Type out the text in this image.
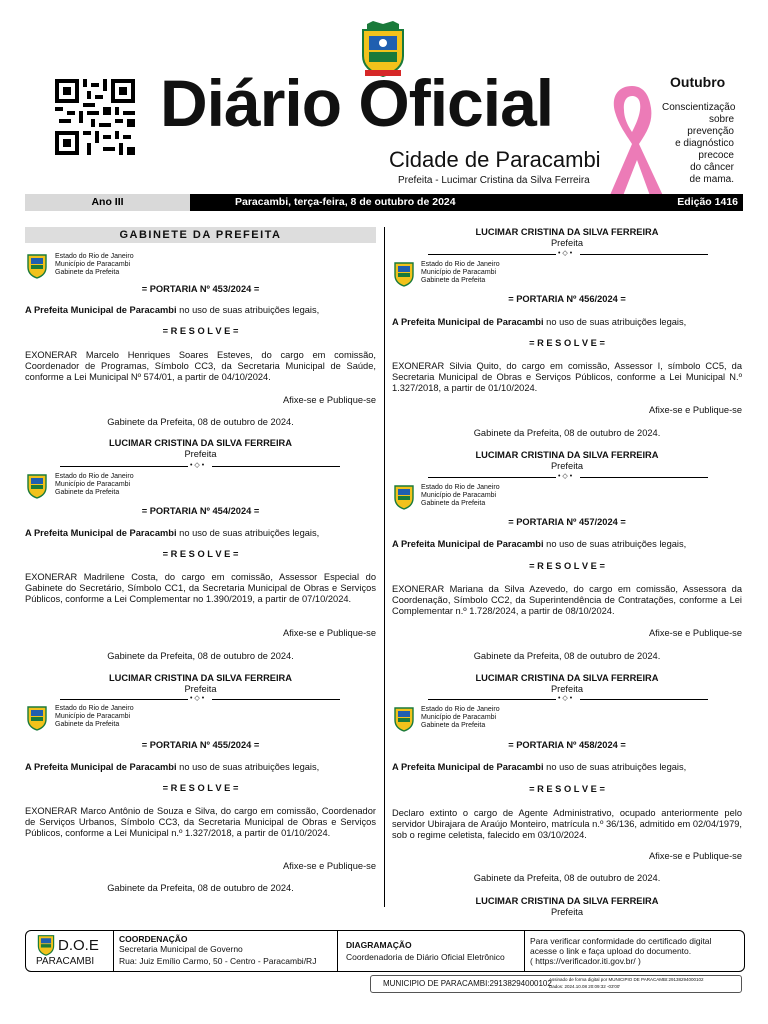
Diário Oficial
Cidade de Paracambi
Prefeita - Lucimar Cristina da Silva Ferreira
Outubro
Conscientização
sobre prevenção
e diagnóstico
precoce
do câncer
de mama.
Ano III	Paracambi, terça-feira, 8 de outubro de 2024	Edição 1416
GABINETE DA PREFEITA
Estado do Rio de Janeiro
Município de Paracambi
Gabinete da Prefeita
= PORTARIA Nº 453/2024 =
A Prefeita Municipal de Paracambi no uso de suas atribuições legais,
= R E S O L V E =
EXONERAR Marcelo Henriques Soares Esteves, do cargo em comissão, Coordenador de Programas, Símbolo CC3, da Secretaria Municipal de Saúde, conforme a Lei Municipal Nº 574/01, a partir de 04/10/2024.
Afixe-se e Publique-se
Gabinete da Prefeita, 08 de outubro de 2024.
LUCIMAR CRISTINA DA SILVA FERREIRA
Prefeita
• ◇ •
Estado do Rio de Janeiro
Município de Paracambi
Gabinete da Prefeita
= PORTARIA Nº 454/2024 =
A Prefeita Municipal de Paracambi no uso de suas atribuições legais,
= R E S O L V E =
EXONERAR Madrilene Costa, do cargo em comissão, Assessor Especial do Gabinete do Secretário, Símbolo CC1, da Secretaria Municipal de Obras e Serviços Públicos, conforme a Lei Complementar no 1.390/2019, a partir de 07/10/2024.
Afixe-se e Publique-se
Gabinete da Prefeita, 08 de outubro de 2024.
LUCIMAR CRISTINA DA SILVA FERREIRA
Prefeita
• ◇ •
Estado do Rio de Janeiro
Município de Paracambi
Gabinete da Prefeita
= PORTARIA Nº 455/2024 =
A Prefeita Municipal de Paracambi no uso de suas atribuições legais,
= R E S O L V E =
EXONERAR Marco Antônio de Souza e Silva, do cargo em comissão, Coordenador de Serviços Urbanos, Símbolo CC3, da Secretaria Municipal de Obras e Serviços Públicos, conforme a Lei Municipal n.º 1.327/2018, a partir de 01/10/2024.
Afixe-se e Publique-se
Gabinete da Prefeita, 08 de outubro de 2024.
LUCIMAR CRISTINA DA SILVA FERREIRA
Prefeita
• ◇ •
Estado do Rio de Janeiro
Município de Paracambi
Gabinete da Prefeita
= PORTARIA Nº 456/2024 =
A Prefeita Municipal de Paracambi no uso de suas atribuições legais,
= R E S O L V E =
EXONERAR Silvia Quito, do cargo em comissão, Assessor I, símbolo CC5, da Secretaria Municipal de Obras e Serviços Públicos, conforme a Lei Municipal N.º 1.327/2018, a partir de 01/10/2024.
Afixe-se e Publique-se
Gabinete da Prefeita, 08 de outubro de 2024.
LUCIMAR CRISTINA DA SILVA FERREIRA
Prefeita
• ◇ •
Estado do Rio de Janeiro
Município de Paracambi
Gabinete da Prefeita
= PORTARIA Nº 457/2024 =
A Prefeita Municipal de Paracambi no uso de suas atribuições legais,
= R E S O L V E =
EXONERAR Mariana da Silva Azevedo, do cargo em comissão, Assessora da Coordenação, Símbolo CC2, da Superintendência de Contratações, conforme a Lei Complementar n.º 1.728/2024, a partir de 08/10/2024.
Afixe-se e Publique-se
Gabinete da Prefeita, 08 de outubro de 2024.
LUCIMAR CRISTINA DA SILVA FERREIRA
Prefeita
• ◇ •
Estado do Rio de Janeiro
Município de Paracambi
Gabinete da Prefeita
= PORTARIA Nº 458/2024 =
A Prefeita Municipal de Paracambi no uso de suas atribuições legais,
= R E S O L V E =
Declaro extinto o cargo de Agente Administrativo, ocupado anteriormente pelo servidor Ubirajara de Araújo Monteiro, matrícula n.º 36/136, admitido em 02/04/1979, sob o regime celetista, falecido em 03/10/2024.
Afixe-se e Publique-se
Gabinete da Prefeita, 08 de outubro de 2024.
LUCIMAR CRISTINA DA SILVA FERREIRA
Prefeita
D.O.E
PARACAMBI
COORDENAÇÃO
Secretaria Municipal de Governo
Rua: Juiz Emílio Carmo, 50 - Centro - Paracambi/RJ
DIAGRAMAÇÃO
Coordenadoria de Diário Oficial Eletrônico
Para verificar conformidade do certificado digital
acesse o link e faça upload do documento.
( https://verificador.iti.gov.br/ )
MUNICIPIO DE PARACAMBI:29138294000102
Assinado de forma digital por MUNICIPIO DE PARACAMBI:29138294000102
Dados: 2024.10.08 20:09:32 -03'00'
